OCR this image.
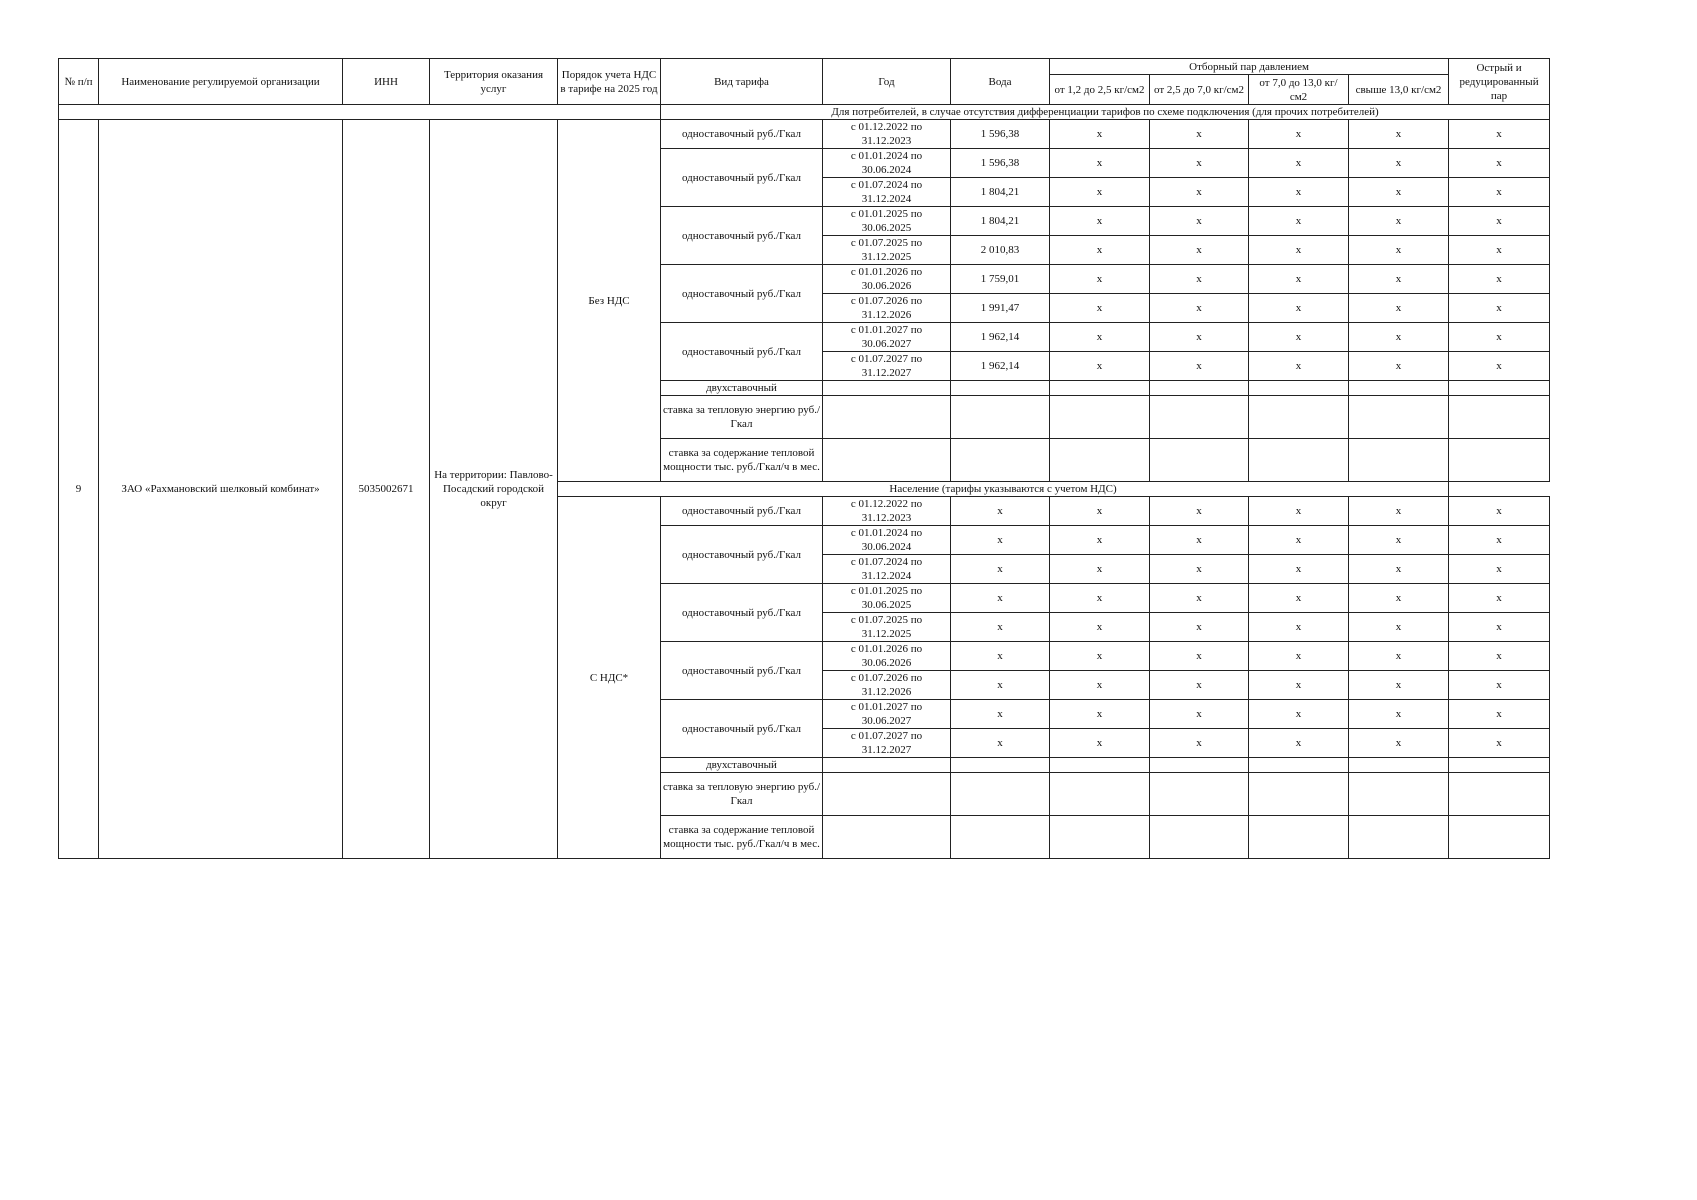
№ п/п	Наименование регулируемой организации	ИНН	Территория оказания услуг	Порядок учета НДС в тарифе на 2025 год	Вид тарифа	Год	Вода	Отборный пар давлением				Острый и редуцированный пар
								от 1,2 до 2,5 кг/см2	от 2,5 до 7,0 кг/см2	от 7,0 до 13,0 кг/см2	свыше 13,0 кг/см2	
					Для потребителей, в случае отсутствия дифференциации тарифов по схеме подключения (для прочих потребителей)							
9	ЗАО «Рахмановский шелковый комбинат»	5035002671	На территории: Павлово-Посадский городской округ	Без НДС	одноставочный руб./Гкал	с 01.12.2022 по 31.12.2023	1 596,38	x	x	x	x	x
					одноставочный руб./Гкал	с 01.01.2024 по 30.06.2024	1 596,38	x	x	x	x	x
						с 01.07.2024 по 31.12.2024	1 804,21	x	x	x	x	x
					одноставочный руб./Гкал	с 01.01.2025 по 30.06.2025	1 804,21	x	x	x	x	x
						с 01.07.2025 по 31.12.2025	2 010,83	x	x	x	x	x
					одноставочный руб./Гкал	с 01.01.2026 по 30.06.2026	1 759,01	x	x	x	x	x
						с 01.07.2026 по 31.12.2026	1 991,47	x	x	x	x	x
					одноставочный руб./Гкал	с 01.01.2027 по 30.06.2027	1 962,14	x	x	x	x	x
						с 01.07.2027 по 31.12.2027	1 962,14	x	x	x	x	x
					двухставочный							
					ставка за тепловую энергию руб./Гкал							
					ставка за содержание тепловой мощности тыс. руб./Гкал/ч в мес.							
				Население (тарифы указываются с учетом НДС)								
				С НДС*	одноставочный руб./Гкал	с 01.12.2022 по 31.12.2023	x	x	x	x	x	x
					одноставочный руб./Гкал	с 01.01.2024 по 30.06.2024	x	x	x	x	x	x
						с 01.07.2024 по 31.12.2024	x	x	x	x	x	x
					одноставочный руб./Гкал	с 01.01.2025 по 30.06.2025	x	x	x	x	x	x
						с 01.07.2025 по 31.12.2025	x	x	x	x	x	x
					одноставочный руб./Гкал	с 01.01.2026 по 30.06.2026	x	x	x	x	x	x
						с 01.07.2026 по 31.12.2026	x	x	x	x	x	x
					одноставочный руб./Гкал	с 01.01.2027 по 30.06.2027	x	x	x	x	x	x
						с 01.07.2027 по 31.12.2027	x	x	x	x	x	x
					двухставочный							
					ставка за тепловую энергию руб./Гкал							
					ставка за содержание тепловой мощности тыс. руб./Гкал/ч в мес.							
